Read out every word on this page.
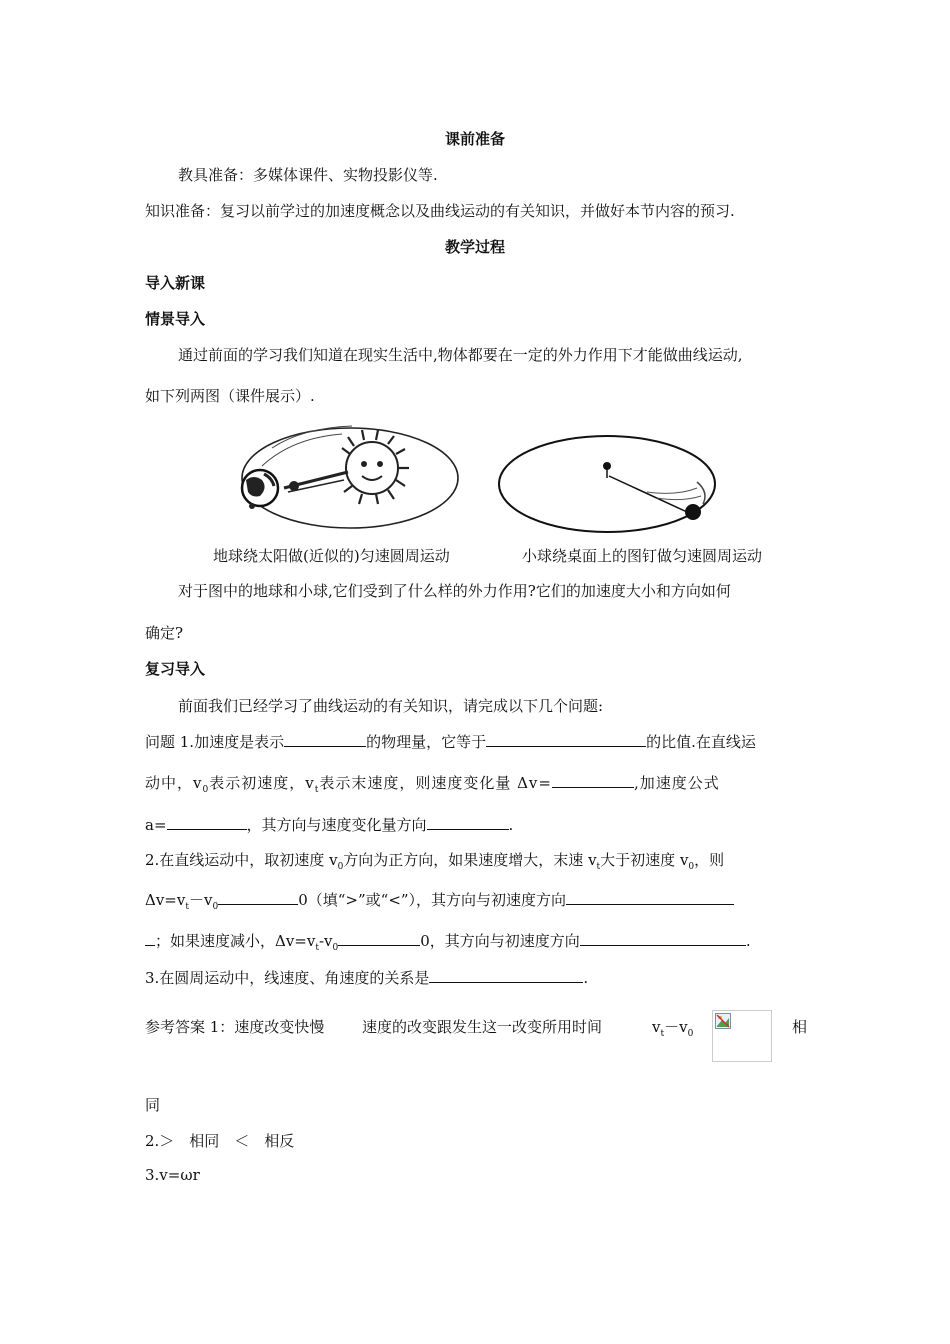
课前准备
教具准备：多媒体课件、实物投影仪等.
知识准备：复习以前学过的加速度概念以及曲线运动的有关知识，并做好本节内容的预习.
教学过程
导入新课
情景导入
通过前面的学习我们知道在现实生活中,物体都要在一定的外力作用下才能做曲线运动,
如下列两图（课件展示）.
地球绕太阳做(近似的)匀速圆周运动	小球绕桌面上的图钉做匀速圆周运动
对于图中的地球和小球,它们受到了什么样的外力作用?它们的加速度大小和方向如何
确定?
复习导入
前面我们已经学习了曲线运动的有关知识，请完成以下几个问题:
问题 1.加速度是表示	的物理量，它等于	的比值.在直线运
动中，$v_0$表示初速度，$v_t$表示末速度，则速度变化量 Δv=	,加速度公式
a=	，其方向与速度变化量方向	.
2.在直线运动中，取初速度 $v_0$方向为正方向，如果速度增大，末速 $v_t$大于初速度 $v_0$，则
$\Delta v=v_t-v_0$	0（填“>”或“<”），其方向与初速度方向
；如果速度减小，$\Delta v=v_t-v_0$	0，其方向与初速度方向	.
3.在圆周运动中，线速度、角速度的关系是	.
参考答案 1：速度改变快慢	速度的改变跟发生这一改变所用时间	$v_t-v_0$	相
同
2.＞　相同　＜　相反
3.v=ωr
